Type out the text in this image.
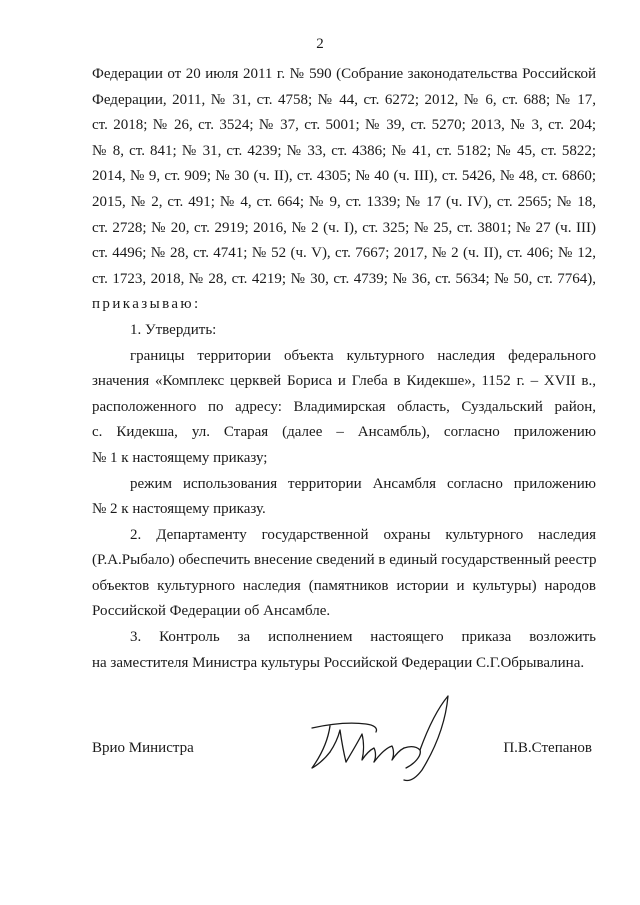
2
Федерации от 20 июля 2011 г. № 590 (Собрание законодательства Российской
Федерации, 2011, № 31, ст. 4758; № 44, ст. 6272; 2012, № 6, ст. 688; № 17,
ст. 2018; № 26, ст. 3524; № 37, ст. 5001; № 39, ст. 5270; 2013, № 3, ст. 204;
№ 8, ст. 841; № 31, ст. 4239; № 33, ст. 4386; № 41, ст. 5182; № 45, ст. 5822;
2014, № 9, ст. 909; № 30 (ч. II), ст. 4305; № 40 (ч. III), ст. 5426, № 48, ст. 6860;
2015, № 2, ст. 491; № 4, ст. 664; № 9, ст. 1339; № 17 (ч. IV), ст. 2565; № 18,
ст. 2728; № 20, ст. 2919; 2016, № 2 (ч. I), ст. 325; № 25, ст. 3801; № 27 (ч. III)
ст. 4496; № 28, ст. 4741; № 52 (ч. V), ст. 7667; 2017, № 2 (ч. II), ст. 406; № 12,
ст. 1723, 2018, № 28, ст. 4219; № 30, ст. 4739; № 36, ст. 5634; № 50, ст. 7764),
приказываю:
1. Утвердить:
границы территории объекта культурного наследия федерального
значения «Комплекс церквей Бориса и Глеба в Кидекше», 1152 г. – XVII в.,
расположенного по адресу: Владимирская область, Суздальский район,
с. Кидекша, ул. Старая (далее – Ансамбль), согласно приложению
№ 1 к настоящему приказу;
режим использования территории Ансамбля согласно приложению
№ 2 к настоящему приказу.
2. Департаменту государственной охраны культурного наследия
(Р.А.Рыбало) обеспечить внесение сведений в единый государственный реестр
объектов культурного наследия (памятников истории и культуры) народов
Российской Федерации об Ансамбле.
3. Контроль за исполнением настоящего приказа возложить
на заместителя Министра культуры Российской Федерации С.Г.Обрывалина.
Врио Министра	П.В.Степанов
